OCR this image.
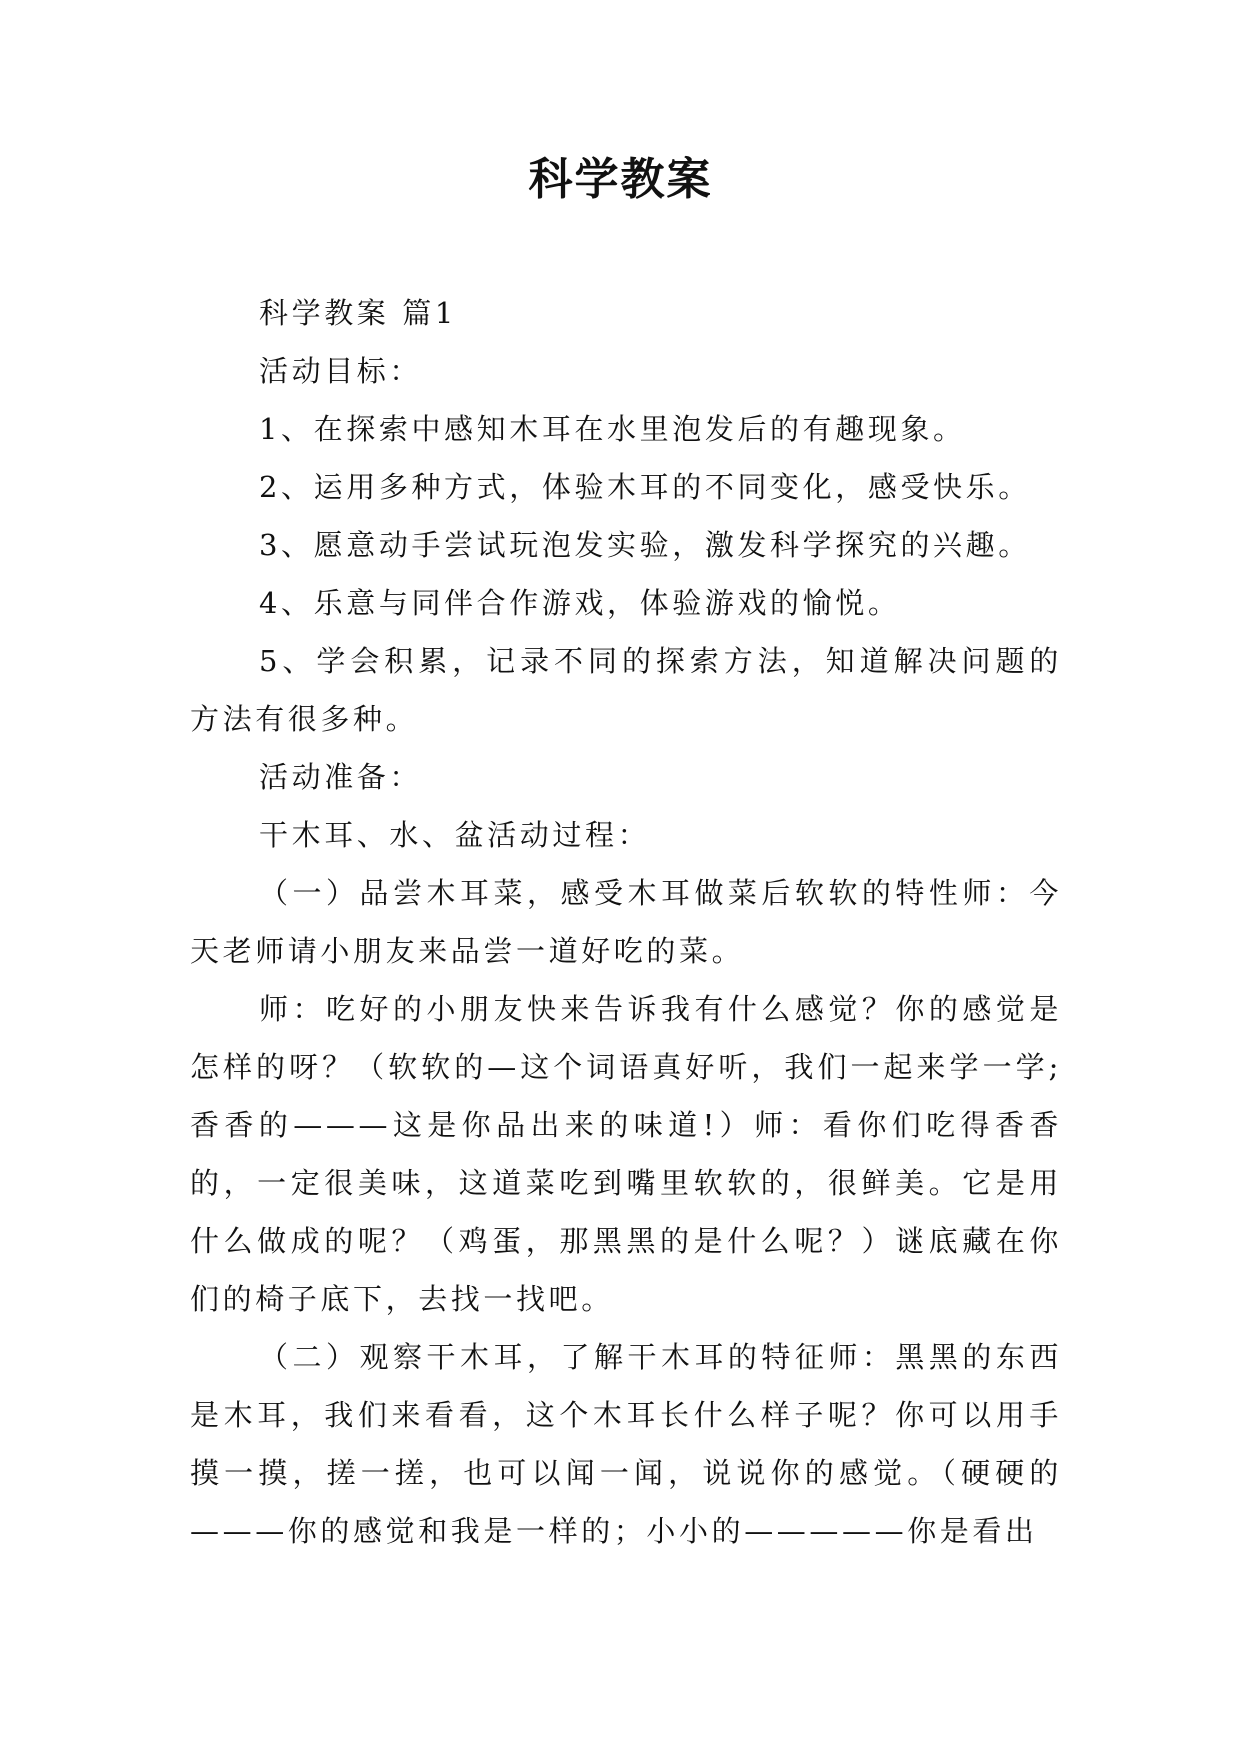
科学教案

科学教案 篇1

活动目标：

1、在探索中感知木耳在水里泡发后的有趣现象。

2、运用多种方式，体验木耳的不同变化，感受快乐。

3、愿意动手尝试玩泡发实验，激发科学探究的兴趣。

4、乐意与同伴合作游戏，体验游戏的愉悦。

5、学会积累，记录不同的探索方法，知道解决问题的方法有很多种。

活动准备：

干木耳、水、盆活动过程：

（一）品尝木耳菜，感受木耳做菜后软软的特性师：今天老师请小朋友来品尝一道好吃的菜。

师：吃好的小朋友快来告诉我有什么感觉？你的感觉是怎样的呀？（软软的—这个词语真好听，我们一起来学一学;香香的———这是你品出来的味道!）师：看你们吃得香香的，一定很美味，这道菜吃到嘴里软软的，很鲜美。它是用什么做成的呢？（鸡蛋，那黑黑的是什么呢？）谜底藏在你们的椅子底下，去找一找吧。

（二）观察干木耳，了解干木耳的特征师：黑黑的东西是木耳，我们来看看，这个木耳长什么样子呢？你可以用手摸一摸，搓一搓，也可以闻一闻，说说你的感觉。（硬硬的———你的感觉和我是一样的；小小的—————你是看出
